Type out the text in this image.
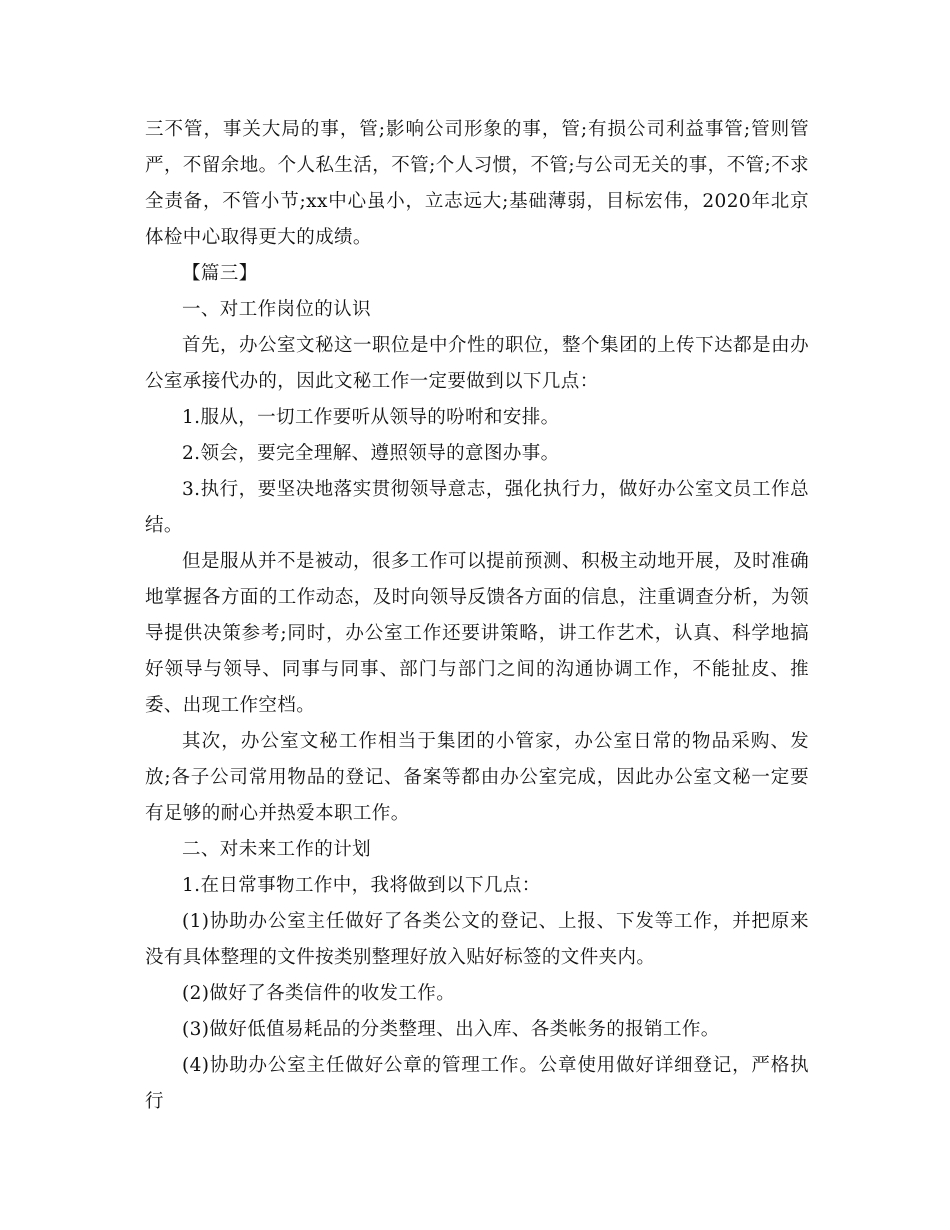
三不管，事关大局的事，管;影响公司形象的事，管;有损公司利益事管;管则管严，不留余地。个人私生活，不管;个人习惯，不管;与公司无关的事，不管;不求全责备，不管小节;xx中心虽小，立志远大;基础薄弱，目标宏伟，2020年北京体检中心取得更大的成绩。

【篇三】

一、对工作岗位的认识

首先，办公室文秘这一职位是中介性的职位，整个集团的上传下达都是由办公室承接代办的，因此文秘工作一定要做到以下几点：

1.服从，一切工作要听从领导的吩咐和安排。

2.领会，要完全理解、遵照领导的意图办事。

3.执行，要坚决地落实贯彻领导意志，强化执行力，做好办公室文员工作总结。

但是服从并不是被动，很多工作可以提前预测、积极主动地开展，及时准确地掌握各方面的工作动态，及时向领导反馈各方面的信息，注重调查分析，为领导提供决策参考;同时，办公室工作还要讲策略，讲工作艺术，认真、科学地搞好领导与领导、同事与同事、部门与部门之间的沟通协调工作，不能扯皮、推委、出现工作空档。

其次，办公室文秘工作相当于集团的小管家，办公室日常的物品采购、发放;各子公司常用物品的登记、备案等都由办公室完成，因此办公室文秘一定要有足够的耐心并热爱本职工作。

二、对未来工作的计划

1.在日常事物工作中，我将做到以下几点：

(1)协助办公室主任做好了各类公文的登记、上报、下发等工作，并把原来没有具体整理的文件按类别整理好放入贴好标签的文件夹内。

(2)做好了各类信件的收发工作。

(3)做好低值易耗品的分类整理、出入库、各类帐务的报销工作。

(4)协助办公室主任做好公章的管理工作。公章使用做好详细登记，严格执行
